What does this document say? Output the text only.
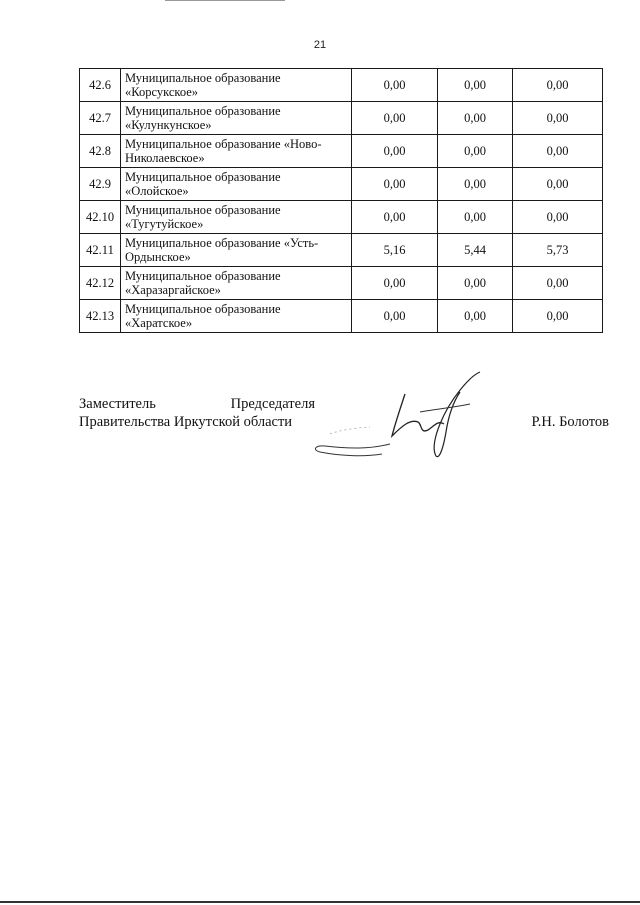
21
42.6	Муниципальное образование «Корсукское»	0,00	0,00	0,00
42.7	Муниципальное образование «Кулункунское»	0,00	0,00	0,00
42.8	Муниципальное образование «Ново-Николаевское»	0,00	0,00	0,00
42.9	Муниципальное образование «Олойское»	0,00	0,00	0,00
42.10	Муниципальное образование «Тугутуйское»	0,00	0,00	0,00
42.11	Муниципальное образование «Усть-Ордынское»	5,16	5,44	5,73
42.12	Муниципальное образование «Харазаргайское»	0,00	0,00	0,00
42.13	Муниципальное образование «Харатское»	0,00	0,00	0,00
Заместитель	Председателя
Правительства Иркутской области	Р.Н. Болотов
